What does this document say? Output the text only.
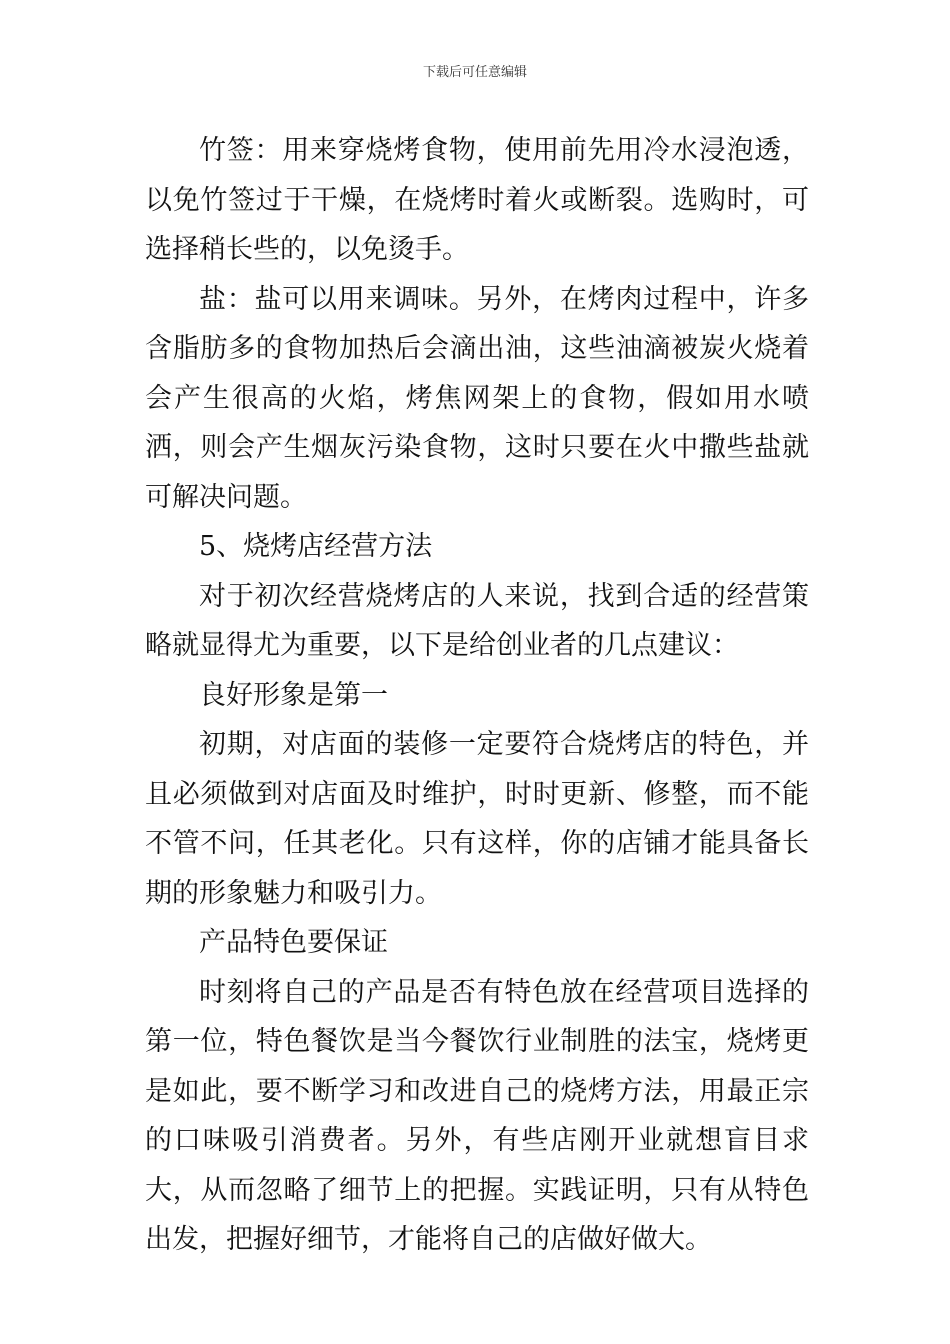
下载后可任意编辑

竹签：用来穿烧烤食物，使用前先用冷水浸泡透，以免竹签过于干燥，在烧烤时着火或断裂。选购时，可选择稍长些的，以免烫手。

盐：盐可以用来调味。另外，在烤肉过程中，许多含脂肪多的食物加热后会滴出油，这些油滴被炭火烧着会产生很高的火焰，烤焦网架上的食物，假如用水喷洒，则会产生烟灰污染食物，这时只要在火中撒些盐就可解决问题。

5、烧烤店经营方法

对于初次经营烧烤店的人来说，找到合适的经营策略就显得尤为重要，以下是给创业者的几点建议：

良好形象是第一

初期，对店面的装修一定要符合烧烤店的特色，并且必须做到对店面及时维护，时时更新、修整，而不能不管不问，任其老化。只有这样，你的店铺才能具备长期的形象魅力和吸引力。

产品特色要保证

时刻将自己的产品是否有特色放在经营项目选择的第一位，特色餐饮是当今餐饮行业制胜的法宝，烧烤更是如此，要不断学习和改进自己的烧烤方法，用最正宗的口味吸引消费者。另外，有些店刚开业就想盲目求大，从而忽略了细节上的把握。实践证明，只有从特色出发，把握好细节，才能将自己的店做好做大。
